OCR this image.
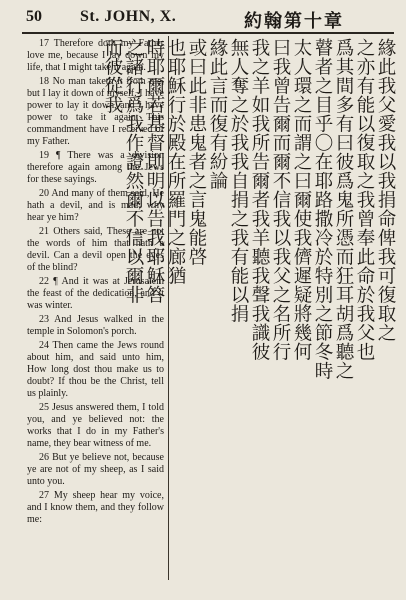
50 St. JOHN, X.	約翰第十章

17 Therefore doth my Father love me, because I lay down my life, that I might take it again.

18 No man taketh it from me, but I lay it down of myself. I have power to lay it down, and I have power to take it again. This commandment have I received of my Father.

19 ¶ There was a division therefore again among the Jews for these sayings.

20 And many of them said, He hath a devil, and is mad; why hear ye him?

21 Others said, These are not the words of him that hath a devil. Can a devil open the eyes of the blind?

22 ¶ And it was at Jerusalem the feast of the dedication, and it was winter.

23 And Jesus walked in the temple in Solomon's porch.

24 Then came the Jews round about him, and said unto him, How long dost thou make us to doubt? If thou be the Christ, tell us plainly.

25 Jesus answered them, I told you, and ye believed not: the works that I do in my Father's name, they bear witness of me.

26 But ye believe not, because ye are not of my sheep, as I said unto you.

27 My sheep hear my voice, and I know them, and they follow me:

緣此我父愛我以我捐命俾我可復取之

之亦有能以復取之我曾奉此命於我父也

爲其間多有曰彼爲鬼所憑而狂耳胡爲聽之

瞽者之目乎〇在耶路撒冷於特別之節冬時

太人環之而謂之曰爾使我儕遲疑將幾何

曰我曾告爾而爾不信我以我父之名所行

我之羊如我所告爾者我羊聽我聲我識彼

無人奪之於我我自捐之我有能以捐

緣此言而復有紛論

或曰此非患鬼者之言鬼能啓

也耶穌行於殿在所羅門之廊猶

時耶爾若基督則明以告我耶穌答

之諸行爲我作證然爾不信以爾非

而彼從我
